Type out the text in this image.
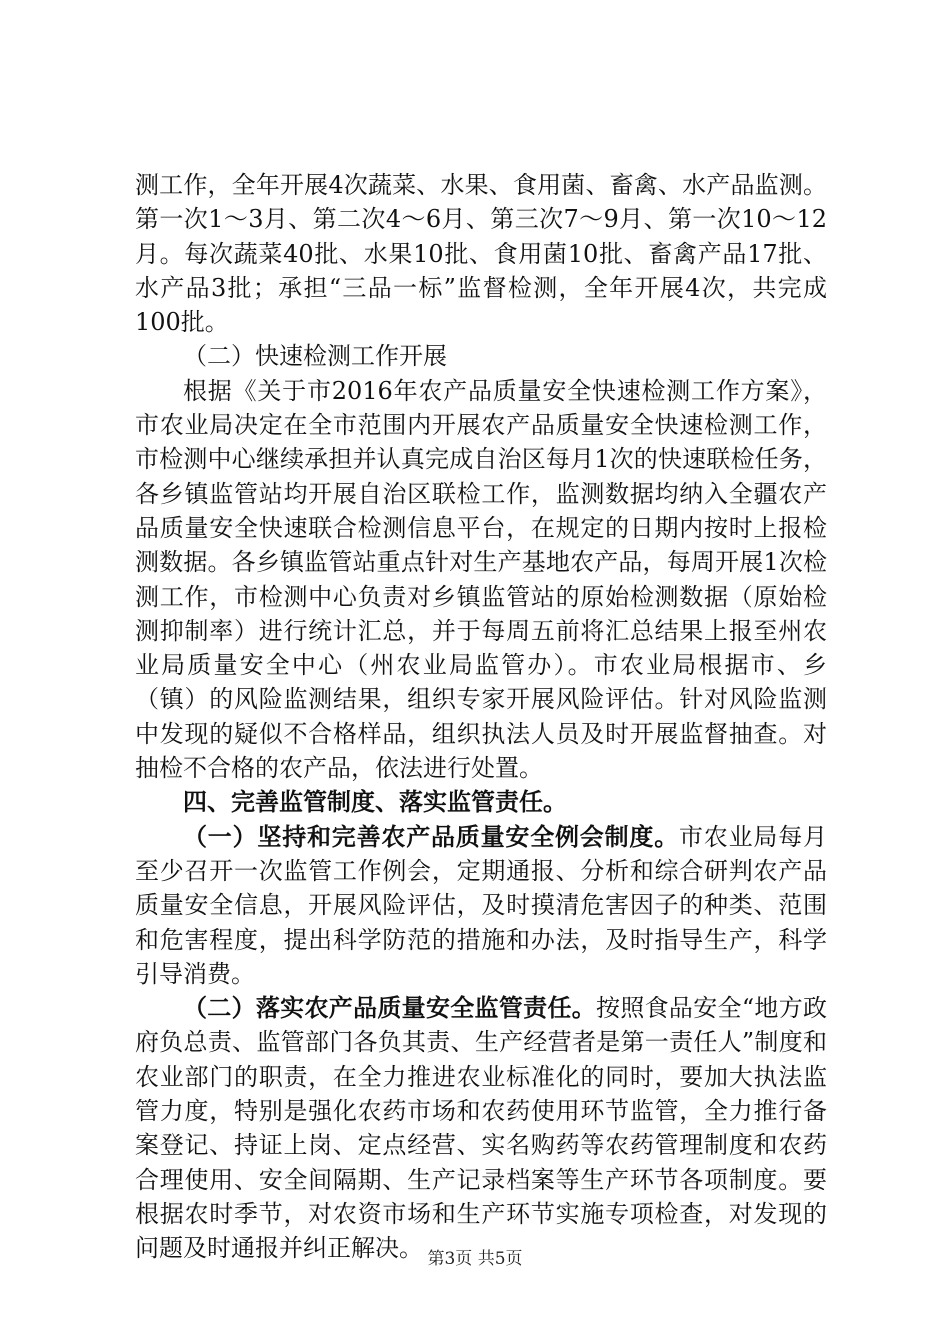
测工作，全年开展4次蔬菜、水果、食用菌、畜禽、水产品监测。第一次1～3月、第二次4～6月、第三次7～9月、第一次10～12月。每次蔬菜40批、水果10批、食用菌10批、畜禽产品17批、水产品3批；承担“三品一标”监督检测，全年开展4次，共完成100批。

（二）快速检测工作开展

根据《关于市2016年农产品质量安全快速检测工作方案》，市农业局决定在全市范围内开展农产品质量安全快速检测工作，市检测中心继续承担并认真完成自治区每月1次的快速联检任务，各乡镇监管站均开展自治区联检工作，监测数据均纳入全疆农产品质量安全快速联合检测信息平台，在规定的日期内按时上报检测数据。各乡镇监管站重点针对生产基地农产品，每周开展1次检测工作，市检测中心负责对乡镇监管站的原始检测数据（原始检测抑制率）进行统计汇总，并于每周五前将汇总结果上报至州农业局质量安全中心（州农业局监管办）。市农业局根据市、乡（镇）的风险监测结果，组织专家开展风险评估。针对风险监测中发现的疑似不合格样品，组织执法人员及时开展监督抽查。对抽检不合格的农产品，依法进行处置。

四、完善监管制度、落实监管责任。

（一）坚持和完善农产品质量安全例会制度。市农业局每月至少召开一次监管工作例会，定期通报、分析和综合研判农产品质量安全信息，开展风险评估，及时摸清危害因子的种类、范围和危害程度，提出科学防范的措施和办法，及时指导生产，科学引导消费。

（二）落实农产品质量安全监管责任。按照食品安全“地方政府负总责、监管部门各负其责、生产经营者是第一责任人”制度和农业部门的职责，在全力推进农业标准化的同时，要加大执法监管力度，特别是强化农药市场和农药使用环节监管，全力推行备案登记、持证上岗、定点经营、实名购药等农药管理制度和农药合理使用、安全间隔期、生产记录档案等生产环节各项制度。要根据农时季节，对农资市场和生产环节实施专项检查，对发现的问题及时通报并纠正解决。 第3页 共5页
